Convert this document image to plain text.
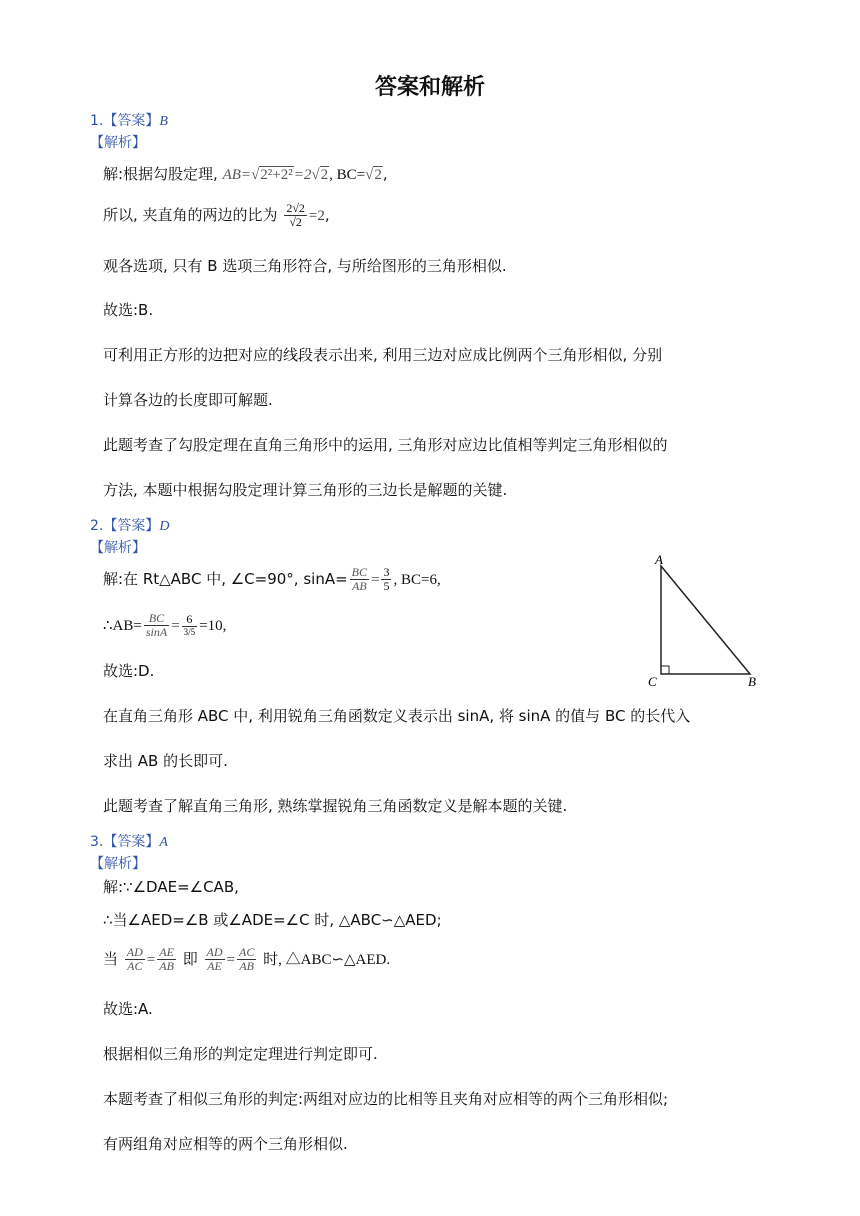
答案和解析
1.【答案】B
【解析】
解:根据勾股定理, AB=√2²+2²=2√2, BC=√2,
所以, 夹直角的两边的比为 $\frac{2√2}{√2} =2$,
观各选项, 只有 B 选项三角形符合, 与所给图形的三角形相似.
故选:B.
可利用正方形的边把对应的线段表示出来, 利用三边对应成比例两个三角形相似, 分别
计算各边的长度即可解题.
此题考查了勾股定理在直角三角形中的运用, 三角形对应边比值相等判定三角形相似的
方法, 本题中根据勾股定理计算三角形的三边长是解题的关键.
2.【答案】D
【解析】
解:在 Rt△ABC 中, ∠C=90°, $\sin A= \frac{BC}{AB} = \frac{3}{5}$ , BC=6,
∴AB= $\frac{BC}{\sin A} = \frac{6}{3/5} =10$,
故选:D.
在直角三角形 ABC 中, 利用锐角三角函数定义表示出 sinA, 将 sinA 的值与 BC 的长代入
求出 AB 的长即可.
此题考查了解直角三角形, 熟练掌握锐角三角函数定义是解本题的关键.
A
B
C
3.【答案】A
【解析】
解:∵∠DAE=∠CAB,
∴当∠AED=∠B 或∠ADE=∠C 时, △ABC∽△AED;
当 $\frac{AD}{AC} = \frac{AE}{AB}$ 即 $\frac{AD}{AE} = \frac{AC}{AB}$ 时, △ABC∽△AED.
故选:A.
根据相似三角形的判定定理进行判定即可.
本题考查了相似三角形的判定:两组对应边的比相等且夹角对应相等的两个三角形相似;
有两组角对应相等的两个三角形相似.
